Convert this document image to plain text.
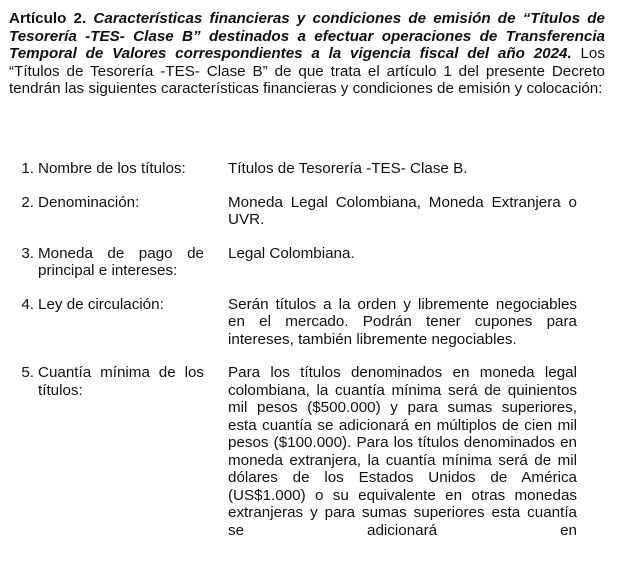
Artículo 2. Características financieras y condiciones de emisión de “Títulos de Tesorería -TES- Clase B” destinados a efectuar operaciones de Transferencia Temporal de Valores correspondientes a la vigencia fiscal del año 2024. Los “Títulos de Tesorería -TES- Clase B” de que trata el artículo 1 del presente Decreto tendrán las siguientes características financieras y condiciones de emisión y colocación:

1. Nombre de los títulos:	Títulos de Tesorería -TES- Clase B.

2. Denominación:	Moneda Legal Colombiana, Moneda Extranjera o UVR.

3. Moneda de pago de principal e intereses:

Legal Colombiana.

4. Ley de circulación:	Serán títulos a la orden y libremente negociables en el mercado. Podrán tener cupones para intereses, también libremente negociables.

5. Cuantía mínima de los títulos:

Para los títulos denominados en moneda legal colombiana, la cuantía mínima será de quinientos mil pesos ($500.000) y para sumas superiores, esta cuantía se adicionará en múltiplos de cien mil pesos ($100.000). Para los títulos denominados en moneda extranjera, la cuantía mínima será de mil dólares de los Estados Unidos de América (US$1.000) o su equivalente en otras monedas extranjeras y para sumas superiores esta cuantía se adicionará en
